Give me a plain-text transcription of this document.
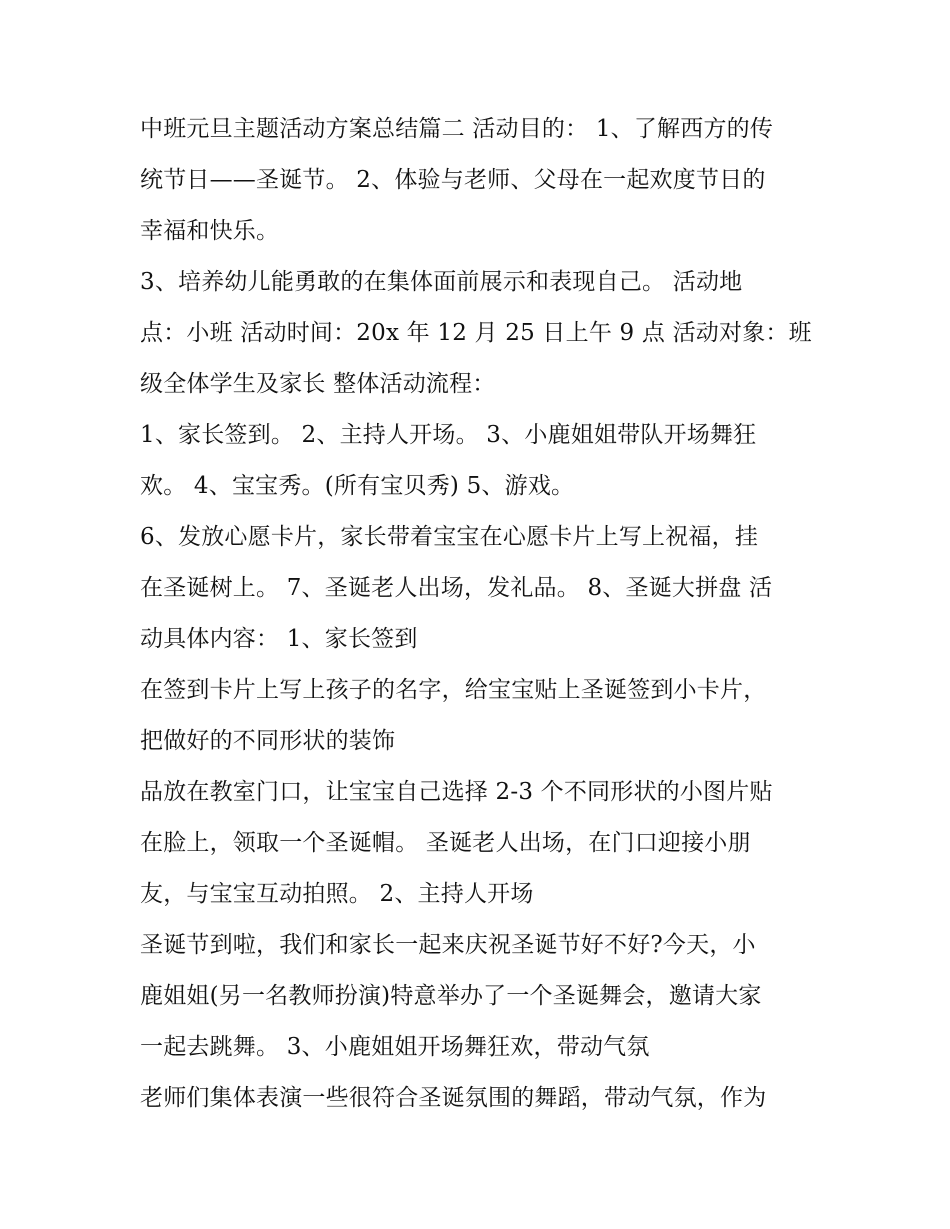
中班元旦主题活动方案总结篇二 活动目的： 1、了解西方的传
统节日——圣诞节。 2、体验与老师、父母在一起欢度节日的
幸福和快乐。
3、培养幼儿能勇敢的在集体面前展示和表现自己。 活动地
点：小班 活动时间：20x 年 12 月 25 日上午 9 点 活动对象：班
级全体学生及家长 整体活动流程：
1、家长签到。 2、主持人开场。 3、小鹿姐姐带队开场舞狂
欢。 4、宝宝秀。(所有宝贝秀) 5、游戏。
6、发放心愿卡片，家长带着宝宝在心愿卡片上写上祝福，挂
在圣诞树上。 7、圣诞老人出场，发礼品。 8、圣诞大拼盘 活
动具体内容： 1、家长签到
在签到卡片上写上孩子的名字，给宝宝贴上圣诞签到小卡片，
把做好的不同形状的装饰
品放在教室门口，让宝宝自己选择 2-3 个不同形状的小图片贴
在脸上，领取一个圣诞帽。 圣诞老人出场，在门口迎接小朋
友，与宝宝互动拍照。 2、主持人开场
圣诞节到啦，我们和家长一起来庆祝圣诞节好不好?今天，小
鹿姐姐(另一名教师扮演)特意举办了一个圣诞舞会，邀请大家
一起去跳舞。 3、小鹿姐姐开场舞狂欢，带动气氛
老师们集体表演一些很符合圣诞氛围的舞蹈，带动气氛，作为
